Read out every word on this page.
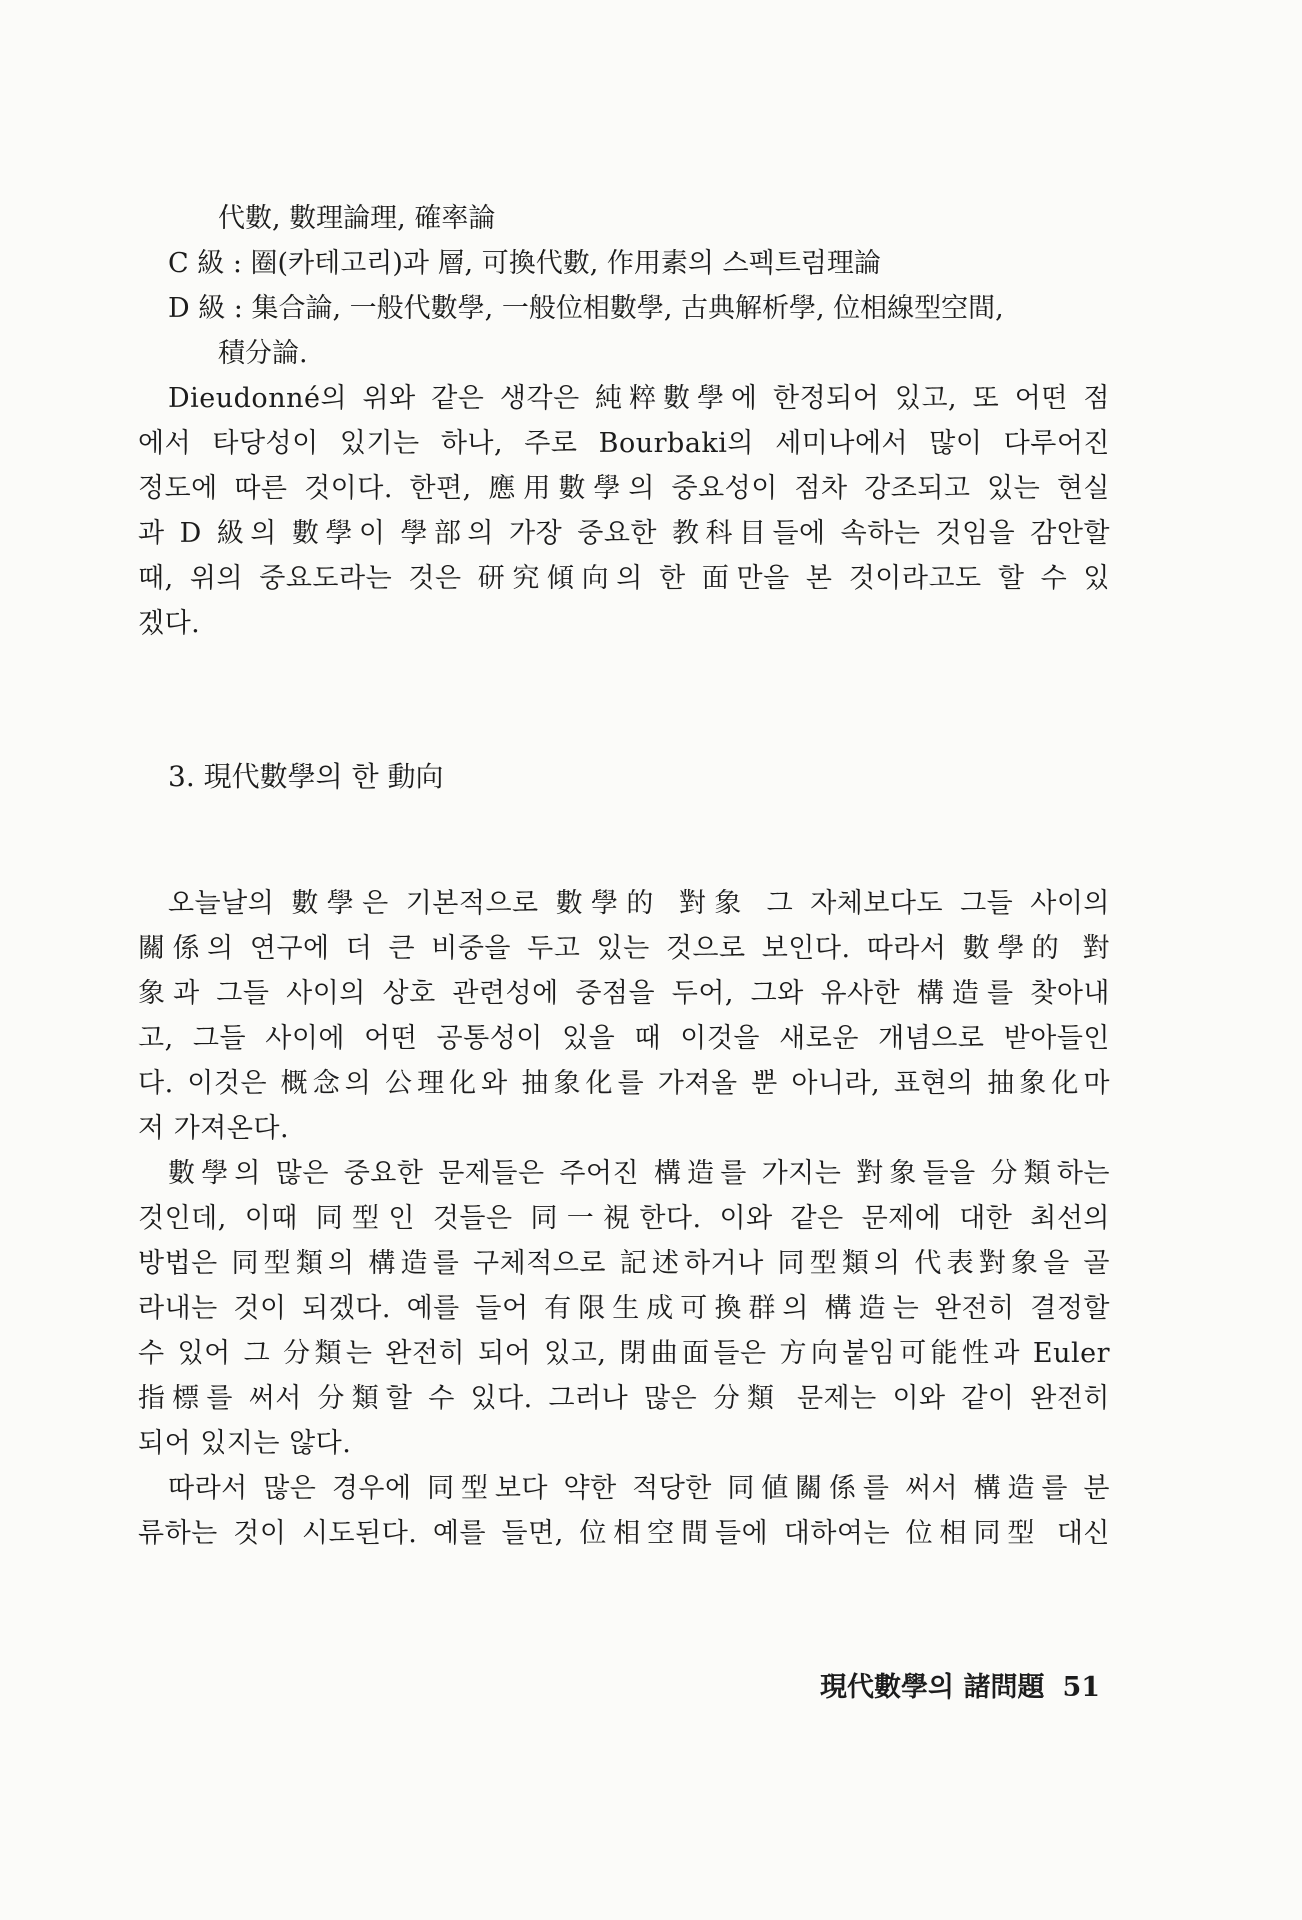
代數, 數理論理, 確率論
C 級 : 圈(카테고리)과 層, 可換代數, 作用素의 스펙트럼理論
D 級 : 集合論, 一般代數學, 一般位相數學, 古典解析學, 位相線型空間,
積分論.
Dieudonné의 위와 같은 생각은 純粹數學에 한정되어 있고, 또 어떤 점
에서 타당성이 있기는 하나, 주로 Bourbaki의 세미나에서 많이 다루어진
정도에 따른 것이다. 한편, 應用數學의 중요성이 점차 강조되고 있는 현실
과 D 級의 數學이 學部의 가장 중요한 教科目들에 속하는 것임을 감안할
때, 위의 중요도라는 것은 研究傾向의 한 面만을 본 것이라고도 할 수 있
겠다.
3. 現代數學의 한 動向
오늘날의 數學은 기본적으로 數學的 對象 그 자체보다도 그들 사이의
關係의 연구에 더 큰 비중을 두고 있는 것으로 보인다. 따라서 數學的 對
象과 그들 사이의 상호 관련성에 중점을 두어, 그와 유사한 構造를 찾아내
고, 그들 사이에 어떤 공통성이 있을 때 이것을 새로운 개념으로 받아들인
다. 이것은 概念의 公理化와 抽象化를 가져올 뿐 아니라, 표현의 抽象化마
저 가져온다.
數學의 많은 중요한 문제들은 주어진 構造를 가지는 對象들을 分類하는
것인데, 이때 同型인 것들은 同一視한다. 이와 같은 문제에 대한 최선의
방법은 同型類의 構造를 구체적으로 記述하거나 同型類의 代表對象을 골
라내는 것이 되겠다. 예를 들어 有限生成可換群의 構造는 완전히 결정할
수 있어 그 分類는 완전히 되어 있고, 閉曲面들은 方向붙임可能性과 Euler
指標를 써서 分類할 수 있다. 그러나 많은 分類 문제는 이와 같이 완전히
되어 있지는 않다.
따라서 많은 경우에 同型보다 약한 적당한 同値關係를 써서 構造를 분
류하는 것이 시도된다. 예를 들면, 位相空間들에 대하여는 位相同型 대신
現代數學의 諸問題 51
